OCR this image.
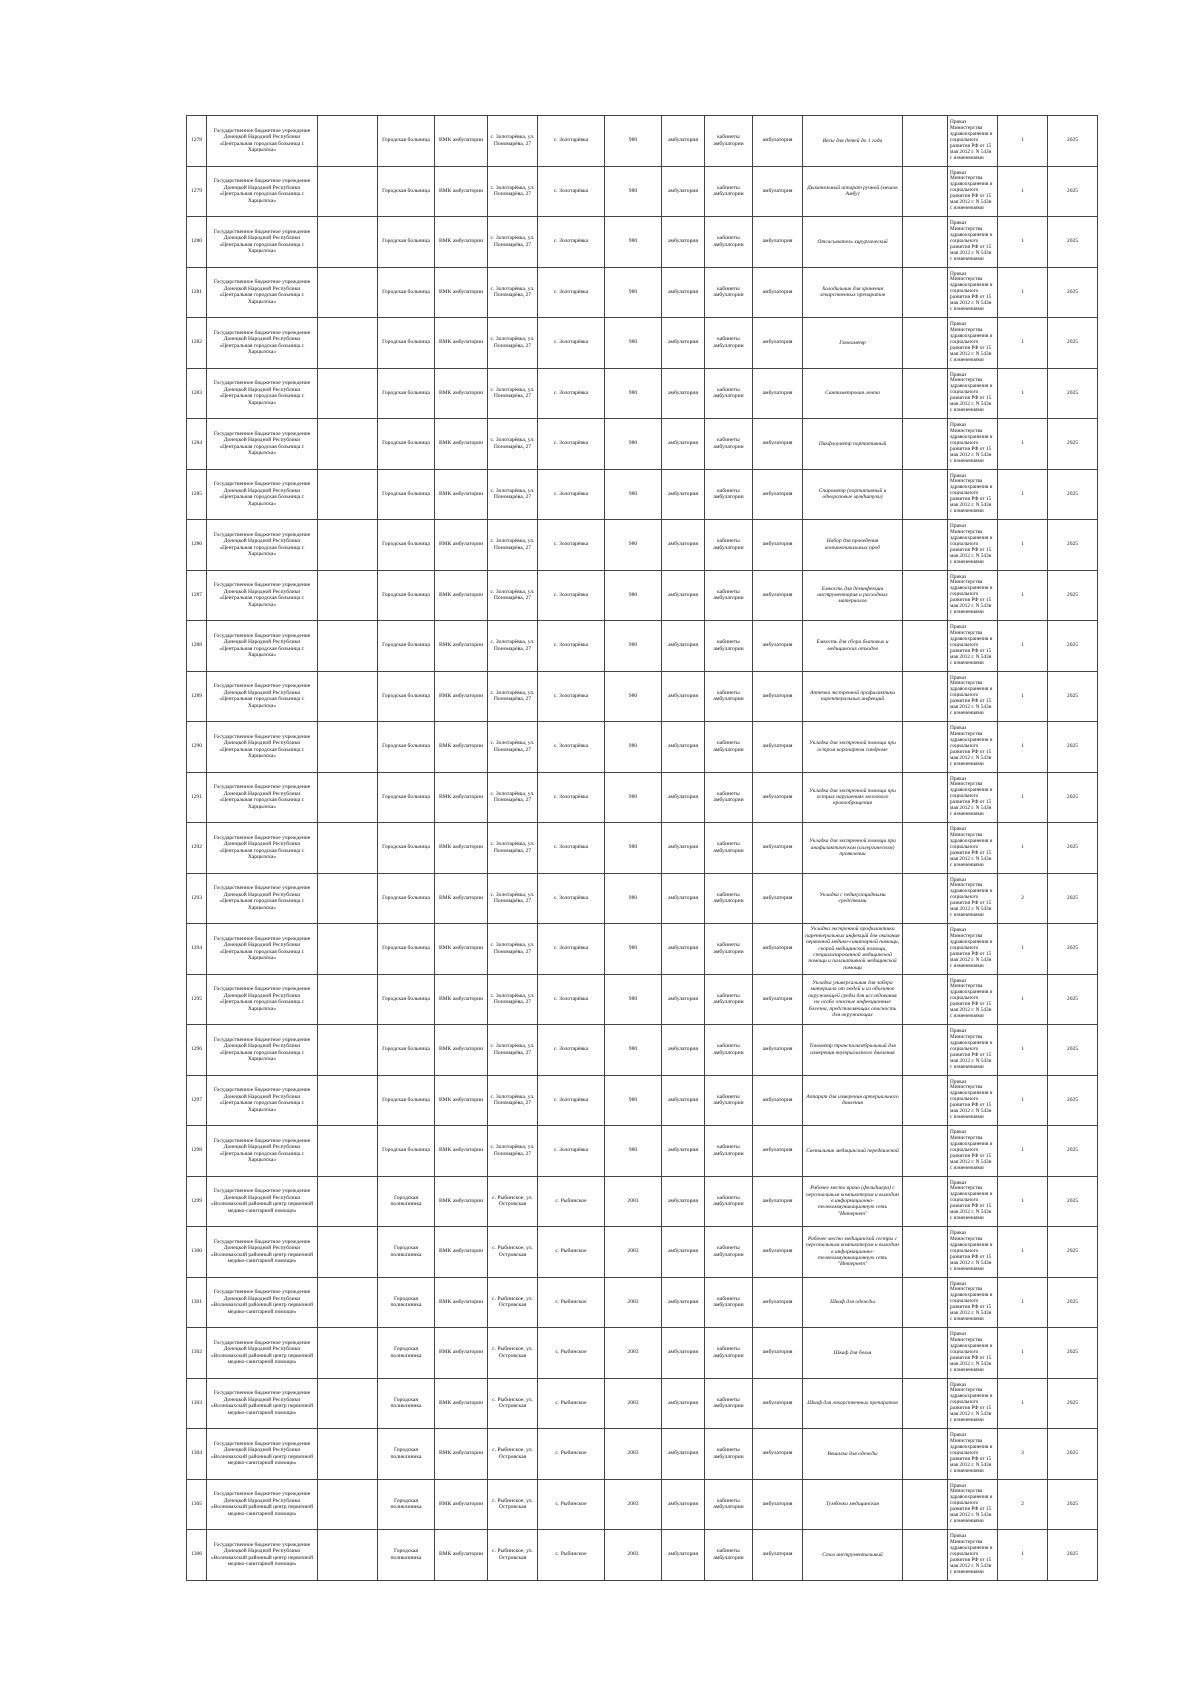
1278	Государственное бюджетное учреждение Донецкой Народной Республики «Центральная городская больница г. Харцызска»		Городская больница	ВМК амбулатории	с. Золотарёвка, ул. Пономарёва, 27	с. Золотарёвка	980	амбулатория	кабинеты амбулатории	амбулатория	Весы для детей до 1 года		Приказ Министерства здравоохранения и социального развития РФ от 15 мая 2012 г. N 543н с изменениями	1	2025
1279	Государственное бюджетное учреждение Донецкой Народной Республики «Центральная городская больница г. Харцызска»		Городская больница	ВМК амбулатории	с. Золотарёвка, ул. Пономарёва, 27	с. Золотарёвка	980	амбулатория	кабинеты амбулатории	амбулатория	Дыхательный аппарат ручной (мешок Амбу)		Приказ Министерства здравоохранения и социального развития РФ от 15 мая 2012 г. N 543н с изменениями	1	2025
1280	Государственное бюджетное учреждение Донецкой Народной Республики «Центральная городская больница г. Харцызска»		Городская больница	ВМК амбулатории	с. Золотарёвка, ул. Пономарёва, 27	с. Золотарёвка	980	амбулатория	кабинеты амбулатории	амбулатория	Отсасыватель хирургический		Приказ Министерства здравоохранения и социального развития РФ от 15 мая 2012 г. N 543н с изменениями	1	2025
1281	Государственное бюджетное учреждение Донецкой Народной Республики «Центральная городская больница г. Харцызска»		Городская больница	ВМК амбулатории	с. Золотарёвка, ул. Пономарёва, 27	с. Золотарёвка	980	амбулатория	кабинеты амбулатории	амбулатория	Холодильник для хранения лекарственных препаратов		Приказ Министерства здравоохранения и социального развития РФ от 15 мая 2012 г. N 543н с изменениями	1	2025
1282	Государственное бюджетное учреждение Донецкой Народной Республики «Центральная городская больница г. Харцызска»		Городская больница	ВМК амбулатории	с. Золотарёвка, ул. Пономарёва, 27	с. Золотарёвка	980	амбулатория	кабинеты амбулатории	амбулатория	Глюкометр		Приказ Министерства здравоохранения и социального развития РФ от 15 мая 2012 г. N 543н с изменениями	1	2025
1283	Государственное бюджетное учреждение Донецкой Народной Республики «Центральная городская больница г. Харцызска»		Городская больница	ВМК амбулатории	с. Золотарёвка, ул. Пономарёва, 27	с. Золотарёвка	980	амбулатория	кабинеты амбулатории	амбулатория	Сантиметровая лента		Приказ Министерства здравоохранения и социального развития РФ от 15 мая 2012 г. N 543н с изменениями	1	2025
1284	Государственное бюджетное учреждение Донецкой Народной Республики «Центральная городская больница г. Харцызска»		Городская больница	ВМК амбулатории	с. Золотарёвка, ул. Пономарёва, 27	с. Золотарёвка	980	амбулатория	кабинеты амбулатории	амбулатория	Пикфлоуметр портативный		Приказ Министерства здравоохранения и социального развития РФ от 15 мая 2012 г. N 543н с изменениями	1	2025
1285	Государственное бюджетное учреждение Донецкой Народной Республики «Центральная городская больница г. Харцызска»		Городская больница	ВМК амбулатории	с. Золотарёвка, ул. Пономарёва, 27	с. Золотарёвка	980	амбулатория	кабинеты амбулатории	амбулатория	Спирометр (портативный и одноразовые мундштуки)		Приказ Министерства здравоохранения и социального развития РФ от 15 мая 2012 г. N 543н с изменениями	1	2025
1286	Государственное бюджетное учреждение Донецкой Народной Республики «Центральная городская больница г. Харцызска»		Городская больница	ВМК амбулатории	с. Золотарёвка, ул. Пономарёва, 27	с. Золотарёвка	980	амбулатория	кабинеты амбулатории	амбулатория	Набор для проведения конъюктивальных проб		Приказ Министерства здравоохранения и социального развития РФ от 15 мая 2012 г. N 543н с изменениями	1	2025
1287	Государственное бюджетное учреждение Донецкой Народной Республики «Центральная городская больница г. Харцызска»		Городская больница	ВМК амбулатории	с. Золотарёвка, ул. Пономарёва, 27	с. Золотарёвка	980	амбулатория	кабинеты амбулатории	амбулатория	Емкость для дезинфекции инструментария и расходных материалов		Приказ Министерства здравоохранения и социального развития РФ от 15 мая 2012 г. N 543н с изменениями	1	2025
1288	Государственное бюджетное учреждение Донецкой Народной Республики «Центральная городская больница г. Харцызска»		Городская больница	ВМК амбулатории	с. Золотарёвка, ул. Пономарёва, 27	с. Золотарёвка	980	амбулатория	кабинеты амбулатории	амбулатория	Емкость для сбора бытовых и медицинских отходов		Приказ Министерства здравоохранения и социального развития РФ от 15 мая 2012 г. N 543н с изменениями	1	2025
1289	Государственное бюджетное учреждение Донецкой Народной Республики «Центральная городская больница г. Харцызска»		Городская больница	ВМК амбулатории	с. Золотарёвка, ул. Пономарёва, 27	с. Золотарёвка	980	амбулатория	кабинеты амбулатории	амбулатория	Аптечка экстренной профилактики парентеральных инфекций		Приказ Министерства здравоохранения и социального развития РФ от 15 мая 2012 г. N 543н с изменениями	1	2025
1290	Государственное бюджетное учреждение Донецкой Народной Республики «Центральная городская больница г. Харцызска»		Городская больница	ВМК амбулатории	с. Золотарёвка, ул. Пономарёва, 27	с. Золотарёвка	980	амбулатория	кабинеты амбулатории	амбулатория	Укладка для экстренной помощи при остром коронарном синдроме		Приказ Министерства здравоохранения и социального развития РФ от 15 мая 2012 г. N 543н с изменениями	1	2025
1291	Государственное бюджетное учреждение Донецкой Народной Республики «Центральная городская больница г. Харцызска»		Городская больница	ВМК амбулатории	с. Золотарёвка, ул. Пономарёва, 27	с. Золотарёвка	980	амбулатория	кабинеты амбулатории	амбулатория	Укладка для экстренной помощи при острых нарушениях мозгового кровообращения		Приказ Министерства здравоохранения и социального развития РФ от 15 мая 2012 г. N 543н с изменениями	1	2025
1292	Государственное бюджетное учреждение Донецкой Народной Республики «Центральная городская больница г. Харцызска»		Городская больница	ВМК амбулатории	с. Золотарёвка, ул. Пономарёва, 27	с. Золотарёвка	980	амбулатория	кабинеты амбулатории	амбулатория	Укладка для экстренной помощи при анафилактическом (аллергическом) проявлении		Приказ Министерства здравоохранения и социального развития РФ от 15 мая 2012 г. N 543н с изменениями	1	2025
1293	Государственное бюджетное учреждение Донецкой Народной Республики «Центральная городская больница г. Харцызска»		Городская больница	ВМК амбулатории	с. Золотарёвка, ул. Пономарёва, 27	с. Золотарёвка	980	амбулатория	кабинеты амбулатории	амбулатория	Укладка с педикулоцидными средствами		Приказ Министерства здравоохранения и социального развития РФ от 15 мая 2012 г. N 543н с изменениями	2	2025
1294	Государственное бюджетное учреждение Донецкой Народной Республики «Центральная городская больница г. Харцызска»		Городская больница	ВМК амбулатории	с. Золотарёвка, ул. Пономарёва, 27	с. Золотарёвка	980	амбулатория	кабинеты амбулатории	амбулатория	Укладка экстренной профилактики парентеральных инфекций для оказания первичной медико-санитарной помощи, скорой медицинской помощи, специализированной медицинской помощи и паллиативной медицинской помощи		Приказ Министерства здравоохранения и социального развития РФ от 15 мая 2012 г. N 543н с изменениями	1	2025
1295	Государственное бюджетное учреждение Донецкой Народной Республики «Центральная городская больница г. Харцызска»		Городская больница	ВМК амбулатории	с. Золотарёвка, ул. Пономарёва, 27	с. Золотарёвка	980	амбулатория	кабинеты амбулатории	амбулатория	Укладка универсальная для забора материала от людей и из объектов окружающей среды для исследования на особо опасные инфекционные болезни, представляющих опасность для окружающих		Приказ Министерства здравоохранения и социального развития РФ от 15 мая 2012 г. N 543н с изменениями	1	2025
1296	Государственное бюджетное учреждение Донецкой Народной Республики «Центральная городская больница г. Харцызска»		Городская больница	ВМК амбулатории	с. Золотарёвка, ул. Пономарёва, 27	с. Золотарёвка	980	амбулатория	кабинеты амбулатории	амбулатория	Тонометр транспальпебральный для измерения внутриглазного давления		Приказ Министерства здравоохранения и социального развития РФ от 15 мая 2012 г. N 543н с изменениями	1	2025
1297	Государственное бюджетное учреждение Донецкой Народной Республики «Центральная городская больница г. Харцызска»		Городская больница	ВМК амбулатории	с. Золотарёвка, ул. Пономарёва, 27	с. Золотарёвка	980	амбулатория	кабинеты амбулатории	амбулатория	Аппарат для измерения артериального давления		Приказ Министерства здравоохранения и социального развития РФ от 15 мая 2012 г. N 543н с изменениями	1	2025
1298	Государственное бюджетное учреждение Донецкой Народной Республики «Центральная городская больница г. Харцызска»		Городская больница	ВМК амбулатории	с. Золотарёвка, ул. Пономарёва, 27	с. Золотарёвка	980	амбулатория	кабинеты амбулатории	амбулатория	Светильник медицинский передвижной		Приказ Министерства здравоохранения и социального развития РФ от 15 мая 2012 г. N 543н с изменениями	1	2025
1299	Государственное бюджетное учреждение Донецкой Народной Республики «Волновахский районный центр первичной медико-санитарной помощи»		Городская поликлиника	ВМК амбулатории	с. Рыбинское, ул. Островская	с. Рыбинское	2083	амбулатория	кабинеты амбулатории	амбулатория	Рабочее место врача (фельдшера) с персональным компьютером и выходом в информационно-телекоммуникационную сеть "Интернет"		Приказ Министерства здравоохранения и социального развития РФ от 15 мая 2012 г. N 543н с изменениями	1	2025
1300	Государственное бюджетное учреждение Донецкой Народной Республики «Волновахский районный центр первичной медико-санитарной помощи»		Городская поликлиника	ВМК амбулатории	с. Рыбинское, ул. Островская	с. Рыбинское	2083	амбулатория	кабинеты амбулатории	амбулатория	Рабочее место медицинской сестры с персональным компьютером и выходом в информационно-телекоммуникационную сеть "Интернет"		Приказ Министерства здравоохранения и социального развития РФ от 15 мая 2012 г. N 543н с изменениями	1	2025
1301	Государственное бюджетное учреждение Донецкой Народной Республики «Волновахский районный центр первичной медико-санитарной помощи»		Городская поликлиника	ВМК амбулатории	с. Рыбинское, ул. Островская	с. Рыбинское	2083	амбулатория	кабинеты амбулатории	амбулатория	Шкаф для одежды		Приказ Министерства здравоохранения и социального развития РФ от 15 мая 2012 г. N 543н с изменениями	1	2025
1302	Государственное бюджетное учреждение Донецкой Народной Республики «Волновахский районный центр первичной медико-санитарной помощи»		Городская поликлиника	ВМК амбулатории	с. Рыбинское, ул. Островская	с. Рыбинское	2083	амбулатория	кабинеты амбулатории	амбулатория	Шкаф для белья		Приказ Министерства здравоохранения и социального развития РФ от 15 мая 2012 г. N 543н с изменениями	1	2025
1303	Государственное бюджетное учреждение Донецкой Народной Республики «Волновахский районный центр первичной медико-санитарной помощи»		Городская поликлиника	ВМК амбулатории	с. Рыбинское, ул. Островская	с. Рыбинское	2083	амбулатория	кабинеты амбулатории	амбулатория	Шкаф для лекарственных препаратов		Приказ Министерства здравоохранения и социального развития РФ от 15 мая 2012 г. N 543н с изменениями	1	2025
1304	Государственное бюджетное учреждение Донецкой Народной Республики «Волновахский районный центр первичной медико-санитарной помощи»		Городская поликлиника	ВМК амбулатории	с. Рыбинское, ул. Островская	с. Рыбинское	2083	амбулатория	кабинеты амбулатории	амбулатория	Вешалка для одежды		Приказ Министерства здравоохранения и социального развития РФ от 15 мая 2012 г. N 543н с изменениями	3	2025
1305	Государственное бюджетное учреждение Донецкой Народной Республики «Волновахский районный центр первичной медико-санитарной помощи»		Городская поликлиника	ВМК амбулатории	с. Рыбинское, ул. Островская	с. Рыбинское	2083	амбулатория	кабинеты амбулатории	амбулатория	Тумбочка медицинская		Приказ Министерства здравоохранения и социального развития РФ от 15 мая 2012 г. N 543н с изменениями	2	2025
1306	Государственное бюджетное учреждение Донецкой Народной Республики «Волновахский районный центр первичной медико-санитарной помощи»		Городская поликлиника	ВМК амбулатории	с. Рыбинское, ул. Островская	с. Рыбинское	2083	амбулатория	кабинеты амбулатории	амбулатория	Стол инструментальный		Приказ Министерства здравоохранения и социального развития РФ от 15 мая 2012 г. N 543н с изменениями	1	2025
